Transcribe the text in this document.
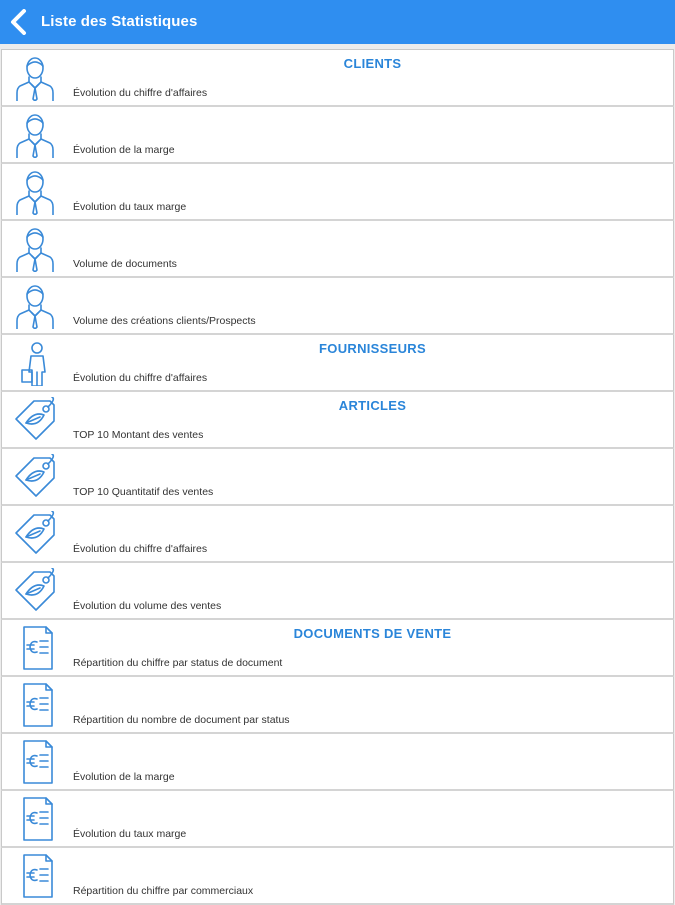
Liste des Statistiques
CLIENTS
Évolution du chiffre d'affaires
Évolution de la marge
Évolution du taux marge
Volume de documents
Volume des créations clients/Prospects
FOURNISSEURS
Évolution du chiffre d'affaires
ARTICLES
TOP 10 Montant des ventes
TOP 10 Quantitatif des ventes
Évolution du chiffre d'affaires
Évolution du volume des ventes
DOCUMENTS DE VENTE
Répartition du chiffre par status de document
Répartition du nombre de document par status
Évolution de la marge
Évolution du taux marge
Répartition du chiffre par commerciaux
